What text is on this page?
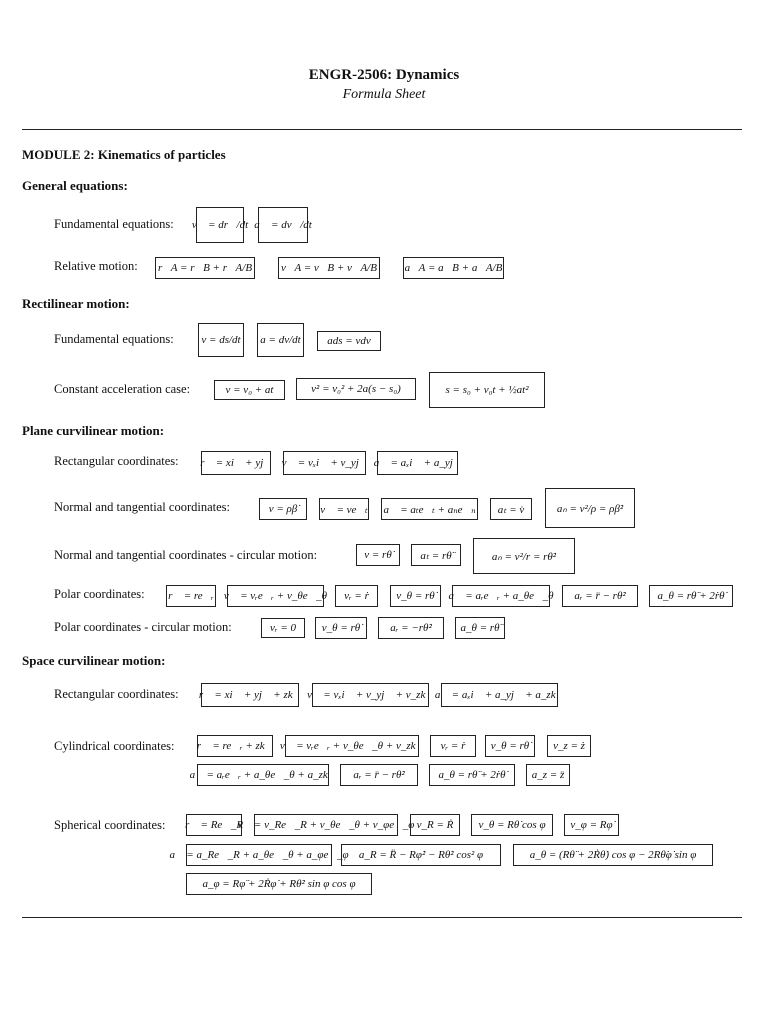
ENGR-2506: Dynamics
Formula Sheet
MODULE 2: Kinematics of particles
General equations:
Fundamental equations: v⃗ = dr⃗/dt a⃗ = dv⃗/dt
Relative motion: r⃗A = r⃗B + r⃗A/B	v⃗A = v⃗B + v⃗A/B	a⃗A = a⃗B + a⃗A/B
Rectilinear motion:
Fundamental equations:	v = ds/dt	a = dv/dt	ads = vdv
Constant acceleration case:	v = v₀ + at	v² = v₀² + 2a(s − s₀)	s = s₀ + v₀t + ½at²
Plane curvilinear motion:
Rectangular coordinates: r⃗ = xi⃗ + yj⃗ v⃗ = vₓi⃗ + v_yj⃗ a⃗ = aₓi⃗ + a_yj⃗
Normal and tangential coordinates:	v = ρβ̇	v⃗ = ve⃗ₜ a⃗ = aₜe⃗ₜ + aₙe⃗ₙ	aₜ = v̇	aₙ = v²/ρ = ρβ̇²
Normal and tangential coordinates - circular motion:	v = rθ̇	aₜ = rθ̈	aₙ = v²/r = rθ̇²
Polar coordinates: r⃗ = re⃗ᵣ v⃗ = vᵣe⃗ᵣ + v_θe⃗_θ	vᵣ = ṙ	v_θ = rθ̇	a⃗ = aᵣe⃗ᵣ + a_θe⃗_θ	aᵣ = r̈ − rθ̇²	a_θ = rθ̈ + 2ṙθ̇
Polar coordinates - circular motion:	vᵣ = 0	v_θ = rθ̇	aᵣ = −rθ̇²	a_θ = rθ̈
Space curvilinear motion:
Rectangular coordinates: r⃗ = xi⃗ + yj⃗ + zk⃗ v⃗ = vₓi⃗ + v_yj⃗ + v_zk⃗ a⃗ = aₓi⃗ + a_yj⃗ + a_zk⃗
Cylindrical coordinates: r⃗ = re⃗ᵣ + zk⃗ v⃗ = vᵣe⃗ᵣ + v_θe⃗_θ + v_zk⃗	vᵣ = ṙ	v_θ = rθ̇	v_z = ż
a⃗ = aᵣe⃗ᵣ + a_θe⃗_θ + a_zk⃗	aᵣ = r̈ − rθ̇²	a_θ = rθ̈ + 2ṙθ̇	a_z = z̈
Spherical coordinates: r⃗ = Re⃗_R
v⃗ = v_Re⃗_R + v_θe⃗_θ + v_φe⃗_φ v_R = Ṙ	v_θ = Rθ̇ cos φ	v_φ = Rφ̇
a⃗ = a_Re⃗_R + a_θe⃗_θ + a_φe⃗_φ a_R = R̈ − Rφ̇² − Rθ̇² cos² φ	a_θ = (Rθ̈ + 2Ṙθ̇) cos φ − 2Rθ̇φ̇ sin φ
a_φ = Rφ̈ + 2Ṙφ̇ + Rθ̇² sin φ cos φ
